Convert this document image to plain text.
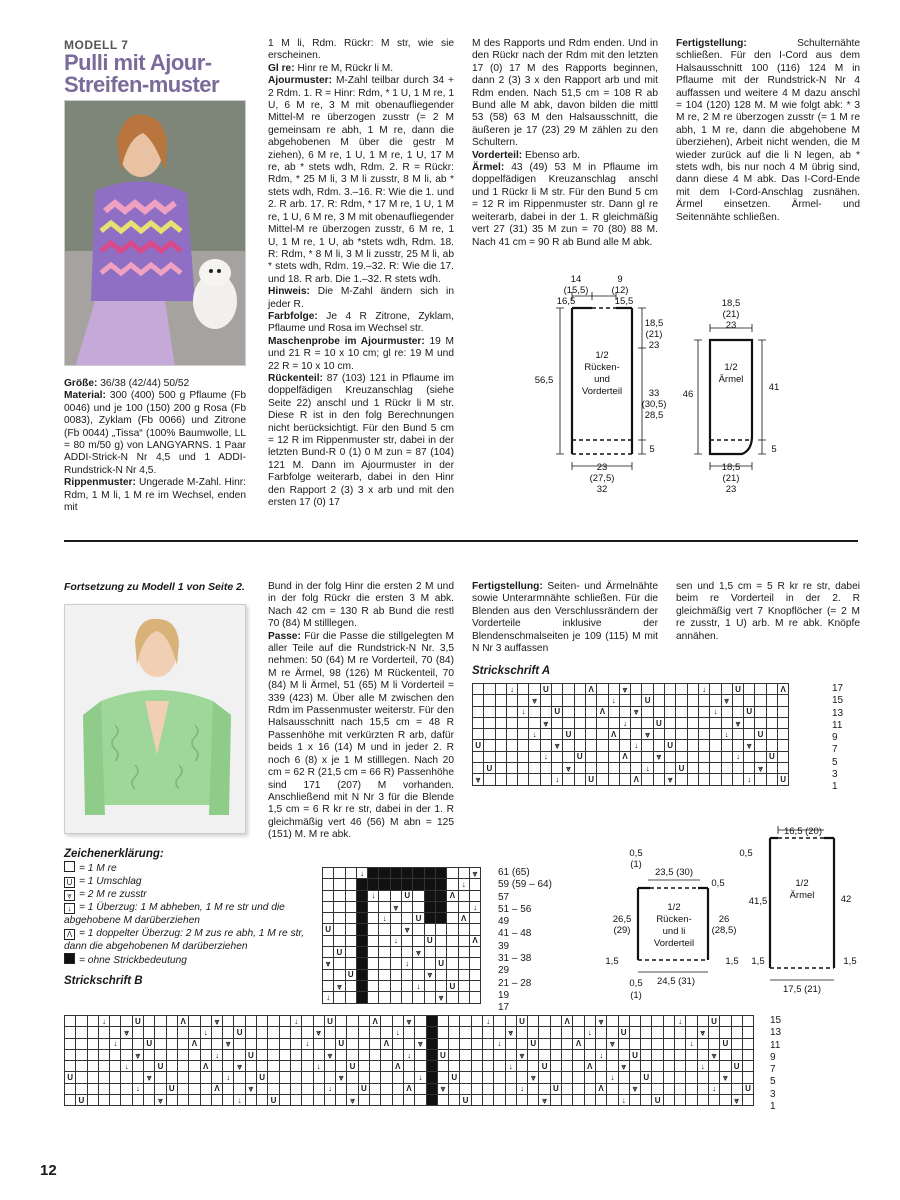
MODELL 7
Pulli mit Ajour-Streifen-muster
Größe: 36/38 (42/44) 50/52
Material: 300 (400) 500 g Pflaume (Fb 0046) und je 100 (150) 200 g Rosa (Fb 0083), Zyklam (Fb 0066) und Zitrone (Fb 0044) „Tissa“ (100% Baumwolle, LL = 80 m/50 g) von LANGYARNS. 1 Paar ADDI-Strick-N Nr 4,5 und 1 ADDI-Rundstrick-N Nr 4,5.
Rippenmuster: Ungerade M-Zahl. Hinr: Rdm, 1 M li, 1 M re im Wechsel, enden mit
1 M li, Rdm. Rückr: M str, wie sie erscheinen.
Gl re: Hinr re M, Rückr li M.
Ajourmuster: M-Zahl teilbar durch 34 + 2 Rdm. 1. R = Hinr: Rdm, * 1 U, 1 M re, 1 U, 6 M re, 3 M mit obenaufliegender Mittel-M re überzogen zusstr (= 2 M gemeinsam re abh, 1 M re, dann die abgehobenen M über die gestr M ziehen), 6 M re, 1 U, 1 M re, 1 U, 17 M re, ab * stets wdh, Rdm. 2. R = Rückr: Rdm, * 25 M li, 3 M li zusstr, 8 M li, ab * stets wdh, Rdm. 3.–16. R: Wie die 1. und 2. R arb. 17. R: Rdm, * 17 M re, 1 U, 1 M re, 1 U, 6 M re, 3 M mit obenaufliegender Mittel-M re überzogen zusstr, 6 M re, 1 U, 1 M re, 1 U, ab *stets wdh, Rdm. 18. R: Rdm, * 8 M li, 3 M li zusstr, 25 M li, ab * stets wdh, Rdm. 19.–32. R: Wie die 17. und 18. R arb. Die 1.–32. R stets wdh.
Hinweis: Die M-Zahl ändern sich in jeder R.
Farbfolge: Je 4 R Zitrone, Zyklam, Pflaume und Rosa im Wechsel str.
Maschenprobe im Ajourmuster: 19 M und 21 R = 10 x 10 cm; gl re: 19 M und 22 R = 10 x 10 cm.
Rückenteil: 87 (103) 121 in Pflaume im doppelfädigen Kreuzanschlag (siehe Seite 22) anschl und 1 Rückr li M str. Diese R ist in den folg Berechnungen nicht berücksichtigt. Für den Bund 5 cm = 12 R im Rippenmuster str, dabei in der letzten Bund-R 0 (1) 0 M zun = 87 (104) 121 M. Dann im Ajourmuster in der Farbfolge weiterarb, dabei in den Hinr den Rapport 2 (3) 3 x arb und mit den ersten 17 (0) 17
M des Rapports und Rdm enden. Und in den Rückr nach der Rdm mit den letzten 17 (0) 17 M des Rapports beginnen, dann 2 (3) 3 x den Rapport arb und mit Rdm enden. Nach 51,5 cm = 108 R ab Bund alle M abk, davon bilden die mittl 53 (58) 63 M den Halsausschnitt, die äußeren je 17 (23) 29 M zählen zu den Schultern.
Vorderteil: Ebenso arb.
Ärmel: 43 (49) 53 M in Pflaume im doppelfädigen Kreuzanschlag anschl und 1 Rückr li M str. Für den Bund 5 cm = 12 R im Rippenmuster str. Dann gl re weiterarb, dabei in der 1. R gleichmäßig vert 27 (31) 35 M zun = 70 (80) 88 M. Nach 41 cm = 90 R ab Bund alle M abk.
Fertigstellung:	Schulternähte schließen. Für den I-Cord aus dem Halsausschnitt 100 (116) 124 M in Pflaume mit der Rundstrick-N Nr 4 auffassen und weitere 4 M dazu anschl = 104 (120) 128 M. M wie folgt abk: * 3 M re, 2 M re überzogen zusstr (= 1 M re abh, 1 M re, dann die abgehobene M überziehen), Arbeit nicht wenden, die M wieder zurück auf die li N legen, ab * stets wdh, bis nur noch 4 M übrig sind, dann diese 4 M abk. Das I-Cord-Ende mit dem I-Cord-Anschlag zusnähen. Ärmel einsetzen. Ärmel- und Seitennähte schließen.
14
(15,5)
16,5
9
(12)
15,5
18,5
(21)
23
33
(30,5)
28,5
5
56,5
1/2
Rücken-
und
Vorderteil
23
(27,5)
32
18,5
(21)
23
1/2
Ärmel
46
41
5
18,5
(21)
23
Fortsetzung zu Modell 1 von Seite 2. Bund in der folg Hinr die ersten 2 M und in der folg Rückr die ersten 3 M abk. Nach 42 cm = 130 R ab Bund die restl 70 (84) M stilllegen.
Passe: Für die Passe die stillgelegten M aller Teile auf die Rundstrick-N Nr. 3,5 nehmen: 50 (64) M re Vorderteil, 70 (84) M re Ärmel, 98 (126) M Rückenteil, 70 (84) M li Ärmel, 51 (65) M li Vorderteil = 339 (423) M. Über alle M zwischen den Rdm im Passenmuster weiterstr. Für den Halsausschnitt nach 15,5 cm = 48 R Passenhöhe mit verkürzten R arb, dafür beids 1 x 16 (14) M und in jeder 2. R noch 6 (8) x je 1 M stilllegen. Nach 20 cm = 62 R (21,5 cm = 66 R) Passenhöhe sind 171 (207) M vorhanden. Anschließend mit N Nr 3 für die Blende 1,5 cm = 6 R kr re str, dabei in der 1. R gleichmäßig vert 46 (56) M abn = 125 (151) M. M re abk.
Fertigstellung: Seiten- und Ärmelnähte sowie Unterarmnähte schließen. Für die Blenden aus den Verschlussrändern der Vorderteile inklusive der Blendenschmalseiten je 109 (115) M mit N Nr 3 auffassen
Strickschrift A
sen und 1,5 cm = 5 R kr re str, dabei beim re Vorderteil in der 2. R gleichmäßig vert 7 Knopflöcher (= 2 M re zusstr, 1 U) arb. M re abk. Knöpfe annähen.
			↓			U				Λ			⩔							↓			U				Λ
					⩔							↓			U							⩔					
				↓			U				Λ			⩔							↓			U			
						⩔							↓			U							⩔				
					↓			U				Λ			⩔							↓			U		
U							⩔							↓			U							⩔			
						↓			U				Λ			⩔							↓			U	
	U							⩔							↓			U							⩔		
⩔							↓			U				Λ			⩔							↓			U
17
15
13
11
9
7
5
3
1
16,5 (20)
0,5
(1)
23,5 (30)
0,5
0,5
1/2
Rücken-
und li
Vorderteil
26,5
(29)
26
(28,5)
41,5
1/2
Ärmel	42
1,5	1,5 1,5	1,5
0,5
(1)
24,5 (31)
17,5 (21)
Zeichenerklärung:
= 1 M re
U = 1 Umschlag
⩔ = 2 M re zusstr
↓ = 1 Überzug: 1 M abheben, 1 M re str und die abgehobene M darüberziehen
Λ = 1 doppelter Überzug: 2 M zus re abh, 1 M re str, dann die abgehobenen M darüberziehen
= ohne Strickbedeutung
Strickschrift B
			↓										⩔
												↓	
				↓			U				Λ		
						⩔							↓
					↓			U				Λ	
U							⩔						
						↓			U				Λ
	U							⩔					
⩔							↓			U			
		U							⩔				
	⩔							↓			U		
↓										⩔			
61 (65)
59 (59 – 64)
57
51 – 56
49
41 – 48
39
31 – 38
29
21 – 28
19
17
			↓			U				Λ			⩔							↓			U				Λ			⩔							↓			U				Λ			⩔							↓			U			
					⩔							↓			U							⩔							↓										⩔							↓			U							⩔				
				↓			U				Λ			⩔							↓			U				Λ			⩔							↓			U				Λ			⩔							↓			U		
						⩔							↓			U							⩔							↓			U							⩔							↓			U							⩔			
					↓			U				Λ			⩔							↓			U				Λ										↓			U				Λ			⩔							↓			U	
U							⩔							↓			U							⩔							↓			U							⩔							↓			U							⩔		
						↓			U				Λ			⩔							↓			U				Λ			⩔							↓			U				Λ			⩔							↓			U
	U							⩔							↓			U							⩔										U							⩔							↓			U							⩔	
15
13
11
9
7
5
3
1
12
